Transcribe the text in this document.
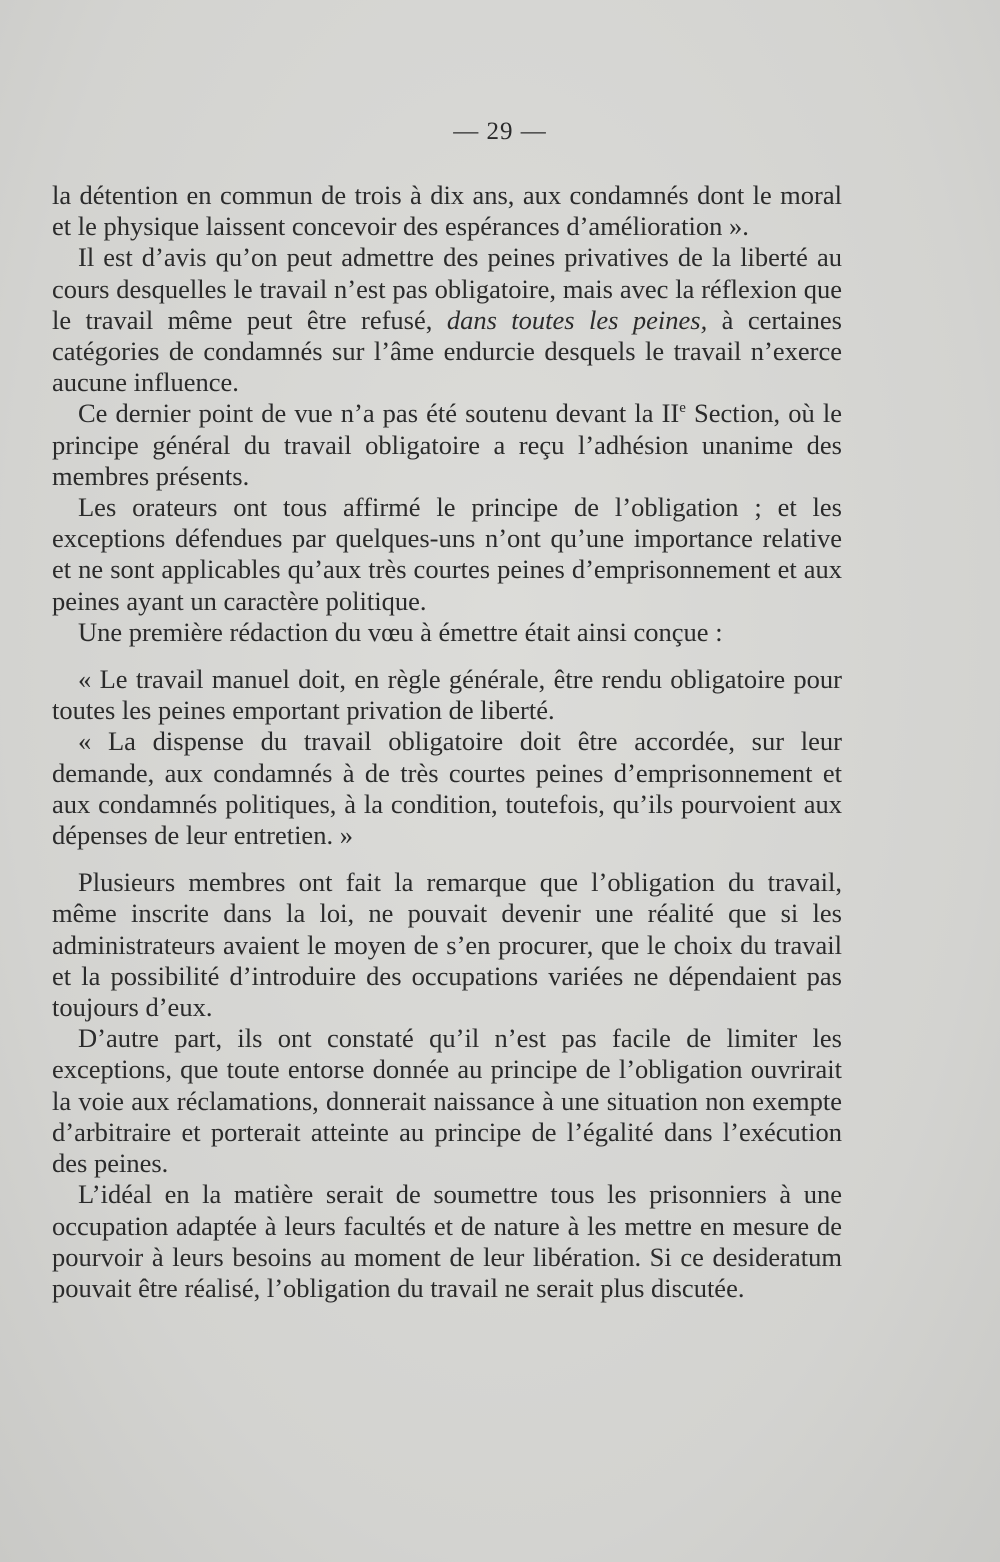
— 29 —

la détention en commun de trois à dix ans, aux condamnés dont le moral et le physique laissent concevoir des espérances d’amélioration ».

Il est d’avis qu’on peut admettre des peines privatives de la liberté au cours desquelles le travail n’est pas obligatoire, mais avec la réflexion que le travail même peut être refusé, dans toutes les peines, à certaines catégories de condamnés sur l’âme endurcie desquels le travail n’exerce aucune influence.

Ce dernier point de vue n’a pas été soutenu devant la IIe Section, où le principe général du travail obligatoire a reçu l’adhésion unanime des membres présents.

Les orateurs ont tous affirmé le principe de l’obligation ; et les exceptions défendues par quelques-uns n’ont qu’une importance relative et ne sont applicables qu’aux très courtes peines d’emprisonnement et aux peines ayant un caractère politique.

Une première rédaction du vœu à émettre était ainsi conçue :

« Le travail manuel doit, en règle générale, être rendu obligatoire pour toutes les peines emportant privation de liberté.

« La dispense du travail obligatoire doit être accordée, sur leur demande, aux condamnés à de très courtes peines d’emprisonnement et aux condamnés politiques, à la condition, toutefois, qu’ils pourvoient aux dépenses de leur entretien. »

Plusieurs membres ont fait la remarque que l’obligation du travail, même inscrite dans la loi, ne pouvait devenir une réalité que si les administrateurs avaient le moyen de s’en procurer, que le choix du travail et la possibilité d’introduire des occupations variées ne dépendaient pas toujours d’eux.

D’autre part, ils ont constaté qu’il n’est pas facile de limiter les exceptions, que toute entorse donnée au principe de l’obligation ouvrirait la voie aux réclamations, donnerait naissance à une situation non exempte d’arbitraire et porterait atteinte au principe de l’égalité dans l’exécution des peines.

L’idéal en la matière serait de soumettre tous les prisonniers à une occupation adaptée à leurs facultés et de nature à les mettre en mesure de pourvoir à leurs besoins au moment de leur libération. Si ce desideratum pouvait être réalisé, l’obligation du travail ne serait plus discutée.
